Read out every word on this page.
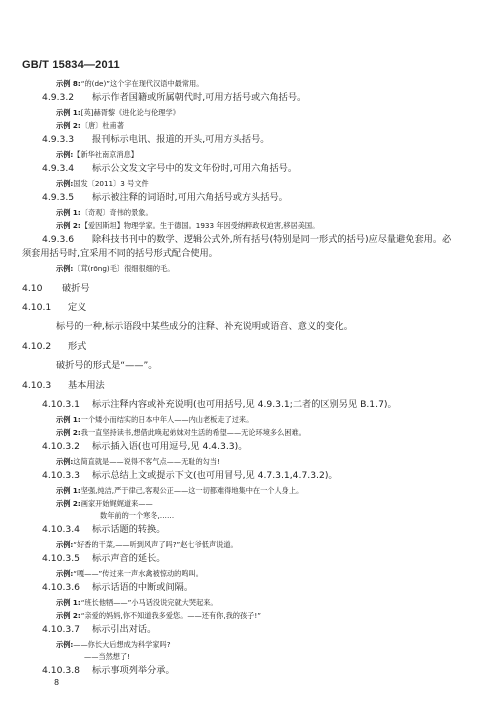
GB/T 15834—2011
示例 8:“的(de)”这个字在现代汉语中最常用。
4.9.3.2 标示作者国籍或所属朝代时,可用方括号或六角括号。
示例 1:[英]赫胥黎《进化论与伦理学》
示例 2:〔唐〕杜甫著
4.9.3.3 报刊标示电讯、报道的开头,可用方头括号。
示例:【新华社南京消息】
4.9.3.4 标示公文发文字号中的发文年份时,可用六角括号。
示例:国发〔2011〕3 号文件
4.9.3.5 标示被注释的词语时,可用六角括号或方头括号。
示例 1:〔奇观〕奇伟的景象。
示例 2:【爱因斯坦】物理学家。生于德国。1933 年因受纳粹政权迫害,移居美国。
4.9.3.6 除科技书刊中的数学、逻辑公式外,所有括号(特别是同一形式的括号)应尽量避免套用。必
须套用括号时,宜采用不同的括号形式配合使用。
示例:〔茸(rōng)毛〕很细很细的毛。
4.10 破折号
4.10.1 定义
标号的一种,标示语段中某些成分的注释、补充说明或语音、意义的变化。
4.10.2 形式
破折号的形式是“——”。
4.10.3 基本用法
4.10.3.1 标示注释内容或补充说明(也可用括号,见 4.9.3.1;二者的区别另见 B.1.7)。
示例 1:一个矮小而结实的日本中年人——内山老板走了过来。
示例 2:我一直坚持读书,想借此唤起弟妹对生活的希望——无论环境多么困难。
4.10.3.2 标示插入语(也可用逗号,见 4.4.3.3)。
示例:这简直就是——说得不客气点——无耻的勾当!
4.10.3.3 标示总结上文或提示下文(也可用冒号,见 4.7.3.1,4.7.3.2)。
示例 1:坚强,纯洁,严于律己,客观公正——这一切都难得地集中在一个人身上。
示例 2:画家开始娓娓道来——
数年前的一个寒冬,……
4.10.3.4 标示话题的转换。
示例:“好香的干菜,——听到风声了吗?”赵七爷低声说道。
4.10.3.5 标示声音的延长。
示例:“嘎——”传过来一声水禽被惊动的鸣叫。
4.10.3.6 标示话语的中断或间隔。
示例 1:“班长他牺——”小马话没说完就大哭起来。
示例 2:“亲爱的妈妈,你不知道我多爱您。——还有你,我的孩子!”
4.10.3.7 标示引出对话。
示例:——你长大后想成为科学家吗?
——当然想了!
4.10.3.8 标示事项列举分承。
8
